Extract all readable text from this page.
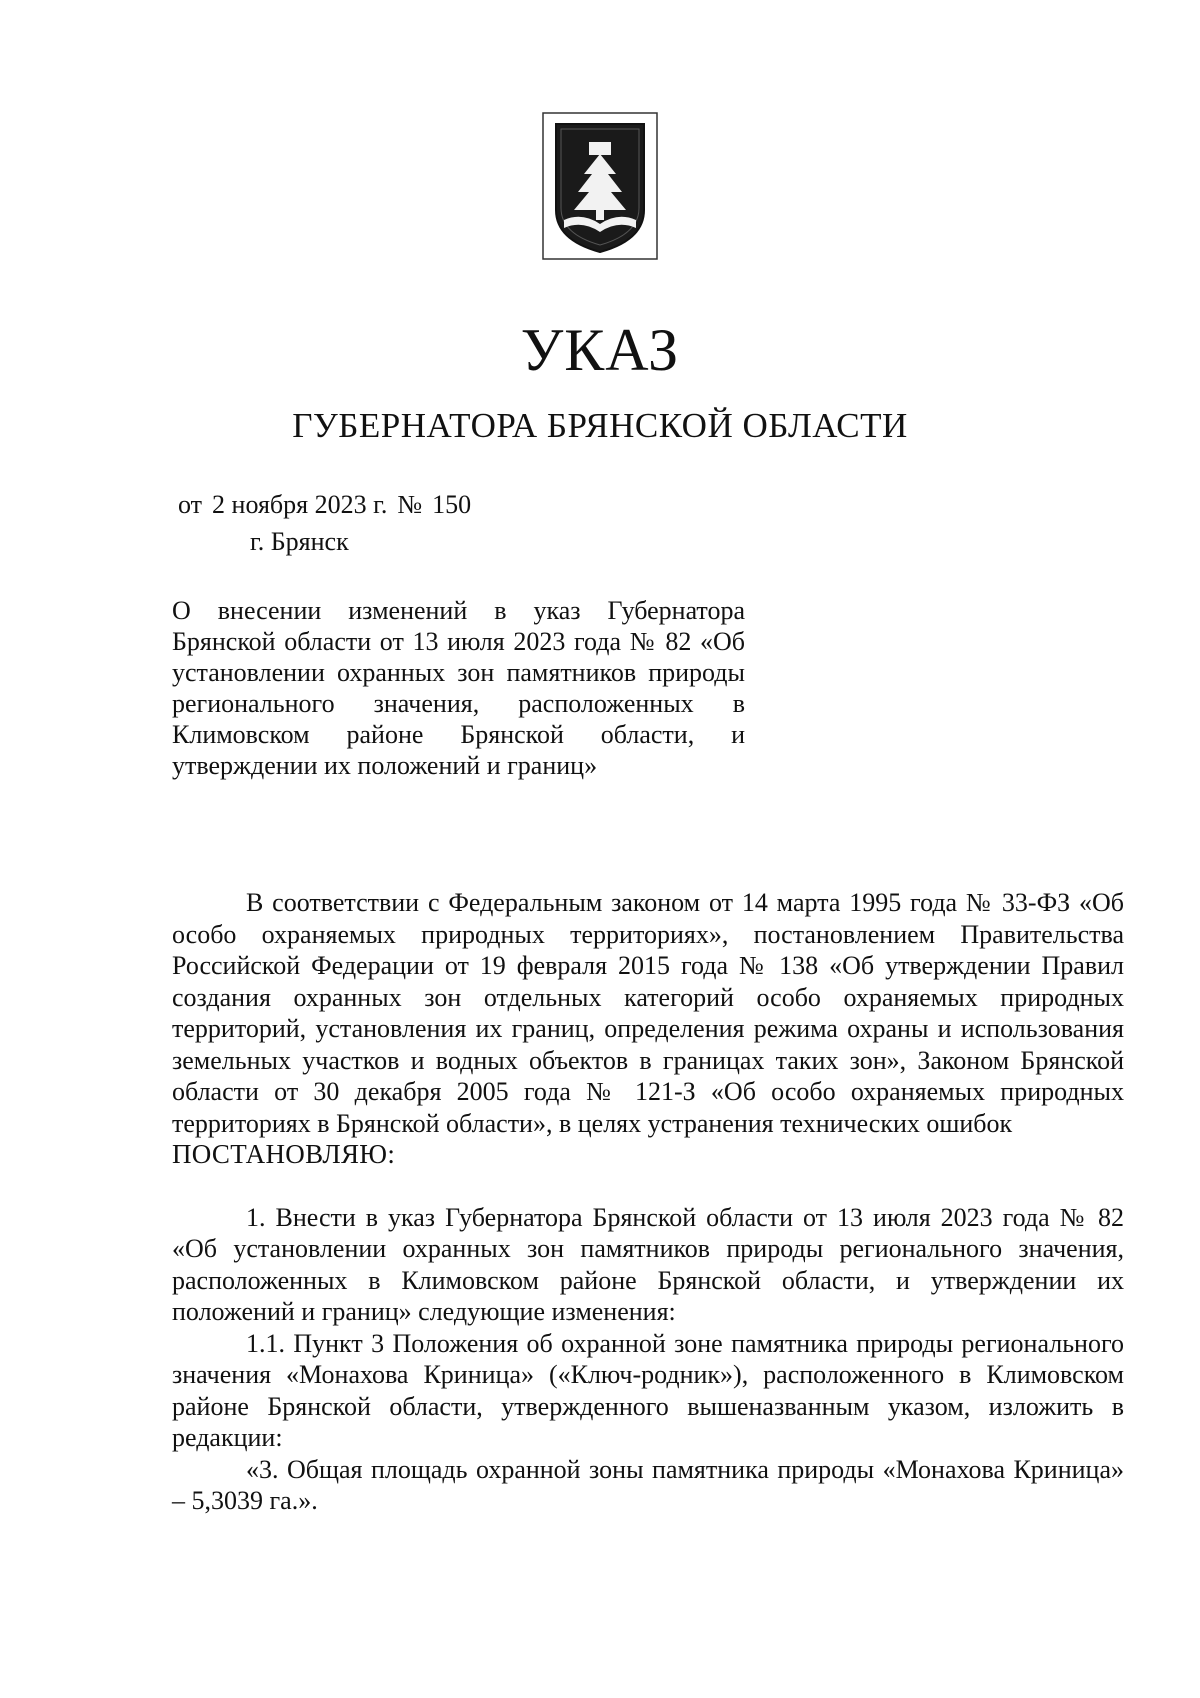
УКАЗ
ГУБЕРНАТОРА БРЯНСКОЙ ОБЛАСТИ
от 2 ноября 2023 г. № 150
г. Брянск
О внесении изменений в указ Губернатора Брянской области от 13 июля 2023 года № 82 «Об установлении охранных зон памятников природы регионального значения, расположенных в Климовском районе Брянской области, и утверждении их положений и границ»

В соответствии с Федеральным законом от 14 марта 1995 года № 33-ФЗ «Об особо охраняемых природных территориях», постановлением Правительства Российской Федерации от 19 февраля 2015 года № 138 «Об утверждении Правил создания охранных зон отдельных категорий особо охраняемых природных территорий, установления их границ, определения режима охраны и использования земельных участков и водных объектов в границах таких зон», Законом Брянской области от 30 декабря 2005 года № 121-З «Об особо охраняемых природных территориях в Брянской области», в целях устранения технических ошибок

ПОСТАНОВЛЯЮ:

1. Внести в указ Губернатора Брянской области от 13 июля 2023 года № 82 «Об установлении охранных зон памятников природы регионального значения, расположенных в Климовском районе Брянской области, и утверждении их положений и границ» следующие изменения:

1.1. Пункт 3 Положения об охранной зоне памятника природы регионального значения «Монахова Криница» («Ключ-родник»), расположенного в Климовском районе Брянской области, утвержденного вышеназванным указом, изложить в редакции:

«3. Общая площадь охранной зоны памятника природы «Монахова Криница» – 5,3039 га.».
